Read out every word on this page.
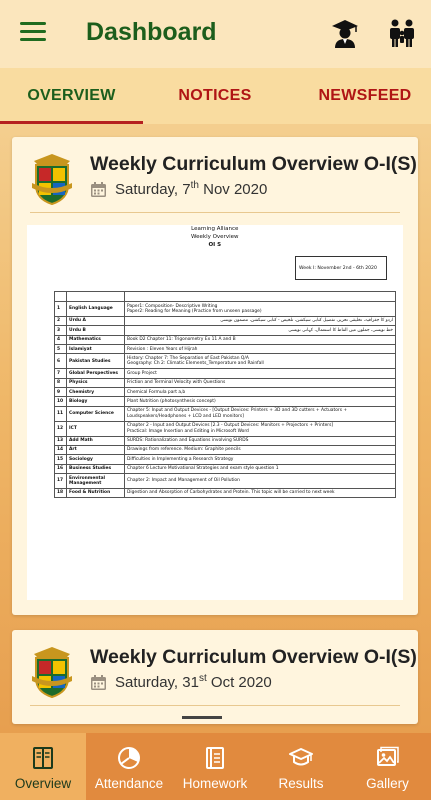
Dashboard
OVERVIEW	NOTICES	NEWSFEED
Weekly Curriculum Overview O-I(S)
Saturday, 7th Nov 2020
Learning Alliance
Weekly Overview
OI S
Week I: November 2nd - 6th 2020

1	English Language	Paper1: Composition- Descriptive Writing
Paper2: Reading for Meaning (Practice from unseen passage)
2	Urdu A	اردو کا جغرافیہ، تخلیقی تحریر، تفصیل کتابی سیکشن، تلخیص - کتابی سیکشن، مضمون نویسی
3	Urdu B	خط نویسی، جملوں میں الفاظ کا استعمال، کہانی نویسی
4	Mathematics	Book D2 Chapter 11: Trigonometry Ex 11 A and B
5	Islamiyat	Revision : Eleven Years of Hijrah
6	Pakistan Studies	History: Chapter 7: The Separation of East Pakistan Q/A
Geography: Ch 2: Climatic Elements_Temperature and Rainfall
7	Global Perspectives	Group Project
8	Physics	Friction and Terminal Velocity with Questions
9	Chemistry	Chemical Formula part a,b
10	Biology	Plant Nutrition (photosynthesis concept)
11	Computer Science	Chapter 5: Input and Output Devices - [Output Devices: Printers + 3D and 3D cutters + Actuators + Loudspeakers/Headphones + LCD and LED monitors]
12	ICT	Chapter 2 - Input and Output Devices [2.3 - Output Devices: Monitors + Projectors + Printers]
Practical: Image Insertion and Editing in Microsoft Word
13	Add Math	SURDS: Rationalization and Equations involving SURDS
14	Art	Drawings from reference. Medium: Graphite pencils
15	Sociology	Difficulties in Implementing a Research Strategy
16	Business Studies	Chapter 6 Lecture Motivational Strategies and exam style question 1
17	Environmental Management	Chapter 2: Impact and Management of Oil Pollution
18	Food & Nutrition	Digestion and Absorption of Carbohydrates and Protein. This topic will be carried to next week
Weekly Curriculum Overview O-I(S)
Saturday, 31st Oct 2020
Overview	Attendance	Homework	Results	Gallery
